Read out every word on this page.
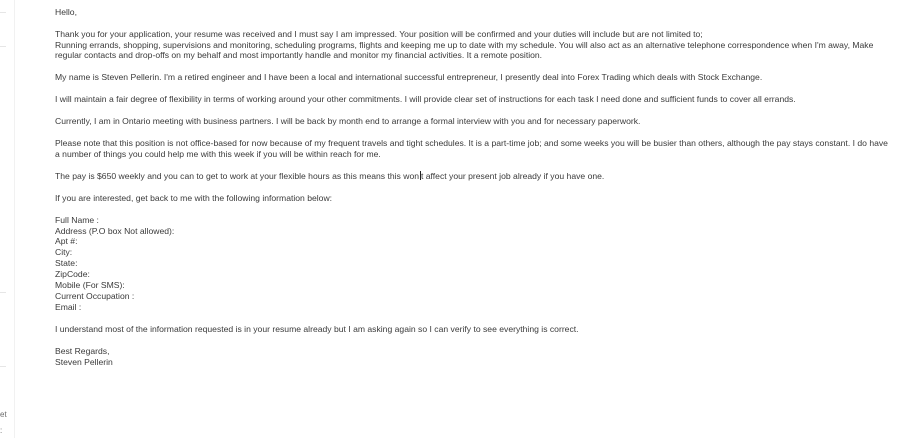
et
:

Hello,

Thank you for your application, your resume was received and I must say I am impressed. Your position will be confirmed and your duties will include but are not limited to;
Running errands, shopping, supervisions and monitoring, scheduling programs, flights and keeping me up to date with my schedule. You will also act as an alternative telephone correspondence when I'm away, Make regular contacts and drop-offs on my behalf and most importantly handle and monitor my financial activities. It a remote position.

My name is Steven Pellerin. I'm a retired engineer and I have been a local and international successful entrepreneur, I presently deal into Forex Trading which deals with Stock Exchange.

I will maintain a fair degree of flexibility in terms of working around your other commitments. I will provide clear set of instructions for each task I need done and sufficient funds to cover all errands.

Currently, I am in Ontario meeting with business partners. I will be back by month end to arrange a formal interview with you and for necessary paperwork.

Please note that this position is not office-based for now because of my frequent travels and tight schedules. It is a part-time job; and some weeks you will be busier than others, although the pay stays constant. I do have a number of things you could help me with this week if you will be within reach for me.

The pay is $650 weekly and you can to get to work at your flexible hours as this means this won t affect your present job already if you have one.

If you are interested, get back to me with the following information below:

Full Name :
Address (P.O box Not allowed):
Apt #:
City:
State:
ZipCode:
Mobile (For SMS):
Current Occupation :
Email :

I understand most of the information requested is in your resume already but I am asking again so I can verify to see everything is correct.

Best Regards,
Steven Pellerin
